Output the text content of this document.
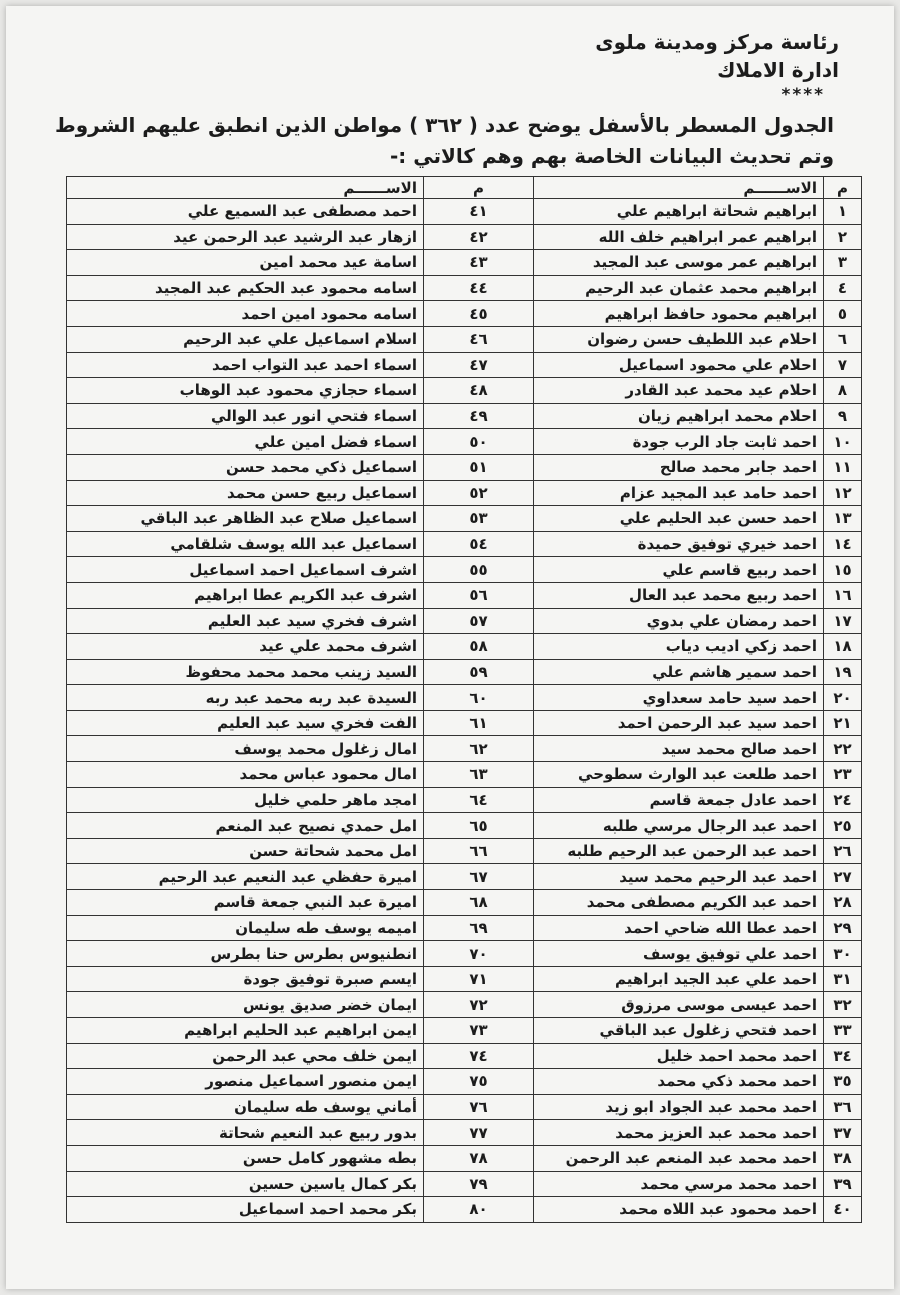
رئاسة مركز ومدينة ملوى
ادارة الاملاك
****
الجدول المسطر بالأسفل يوضح عدد ( ٣٦٢ ) مواطن الذين انطبق عليهم الشروط وتم تحديث البيانات الخاصة بهم وهم كالاتي :-
م	الاســــــم	م	الاســــــم
١	ابراهيم شحاتة ابراهيم علي	٤١	احمد مصطفى عبد السميع علي
٢	ابراهيم عمر ابراهيم خلف الله	٤٢	ازهار عبد الرشيد عبد الرحمن عيد
٣	ابراهيم عمر موسى عبد المجيد	٤٣	اسامة عيد محمد امين
٤	ابراهيم محمد عثمان عبد الرحيم	٤٤	اسامه محمود عبد الحكيم عبد المجيد
٥	ابراهيم محمود حافظ ابراهيم	٤٥	اسامه محمود امين احمد
٦	احلام عبد اللطيف حسن رضوان	٤٦	اسلام اسماعيل علي عبد الرحيم
٧	احلام علي محمود اسماعيل	٤٧	اسماء احمد عبد التواب احمد
٨	احلام عيد محمد عبد القادر	٤٨	اسماء حجازي محمود عبد الوهاب
٩	احلام محمد ابراهيم زيان	٤٩	اسماء فتحي انور عبد الوالي
١٠	احمد ثابت جاد الرب جودة	٥٠	اسماء فضل امين علي
١١	احمد جابر محمد صالح	٥١	اسماعيل ذكي محمد حسن
١٢	احمد حامد عبد المجيد عزام	٥٢	اسماعيل ربيع حسن محمد
١٣	احمد حسن عبد الحليم علي	٥٣	اسماعيل صلاح عبد الظاهر عبد الباقي
١٤	احمد خيري توفيق حميدة	٥٤	اسماعيل عبد الله يوسف شلقامي
١٥	احمد ربيع قاسم علي	٥٥	اشرف اسماعيل احمد اسماعيل
١٦	احمد ربيع محمد عبد العال	٥٦	اشرف عبد الكريم عطا ابراهيم
١٧	احمد رمضان علي بدوي	٥٧	اشرف فخري سيد عبد العليم
١٨	احمد زكي اديب دياب	٥٨	اشرف محمد علي عيد
١٩	احمد سمير هاشم علي	٥٩	السيد زينب محمد محمد محفوظ
٢٠	احمد سيد حامد سعداوي	٦٠	السيدة عبد ربه محمد عبد ربه
٢١	احمد سيد عبد الرحمن احمد	٦١	الفت فخري سيد عبد العليم
٢٢	احمد صالح محمد سيد	٦٢	امال زغلول محمد يوسف
٢٣	احمد طلعت عبد الوارث سطوحي	٦٣	امال محمود عباس محمد
٢٤	احمد عادل جمعة قاسم	٦٤	امجد ماهر حلمي خليل
٢٥	احمد عبد الرجال مرسي طلبه	٦٥	امل حمدي نصيح عبد المنعم
٢٦	احمد عبد الرحمن عبد الرحيم طلبه	٦٦	امل محمد شحاتة حسن
٢٧	احمد عبد الرحيم محمد سيد	٦٧	اميرة حفظي عبد النعيم عبد الرحيم
٢٨	احمد عبد الكريم مصطفى محمد	٦٨	اميرة عبد النبي جمعة قاسم
٢٩	احمد عطا الله ضاحي احمد	٦٩	اميمه يوسف طه سليمان
٣٠	احمد علي توفيق يوسف	٧٠	انطنيوس بطرس حنا بطرس
٣١	احمد علي عبد الجيد ابراهيم	٧١	ايسم صبرة توفيق جودة
٣٢	احمد عيسى موسى مرزوق	٧٢	ايمان خضر صديق يونس
٣٣	احمد فتحي زغلول عبد الباقي	٧٣	ايمن ابراهيم عبد الحليم ابراهيم
٣٤	احمد محمد احمد خليل	٧٤	ايمن خلف محي عبد الرحمن
٣٥	احمد محمد ذكي محمد	٧٥	ايمن منصور اسماعيل منصور
٣٦	احمد محمد عبد الجواد ابو زيد	٧٦	أماني يوسف طه سليمان
٣٧	احمد محمد عبد العزيز محمد	٧٧	بدور ربيع عبد النعيم شحاتة
٣٨	احمد محمد عبد المنعم عبد الرحمن	٧٨	بطه مشهور كامل حسن
٣٩	احمد محمد مرسي محمد	٧٩	بكر كمال ياسين حسين
٤٠	احمد محمود عبد اللاه محمد	٨٠	بكر محمد احمد اسماعيل
